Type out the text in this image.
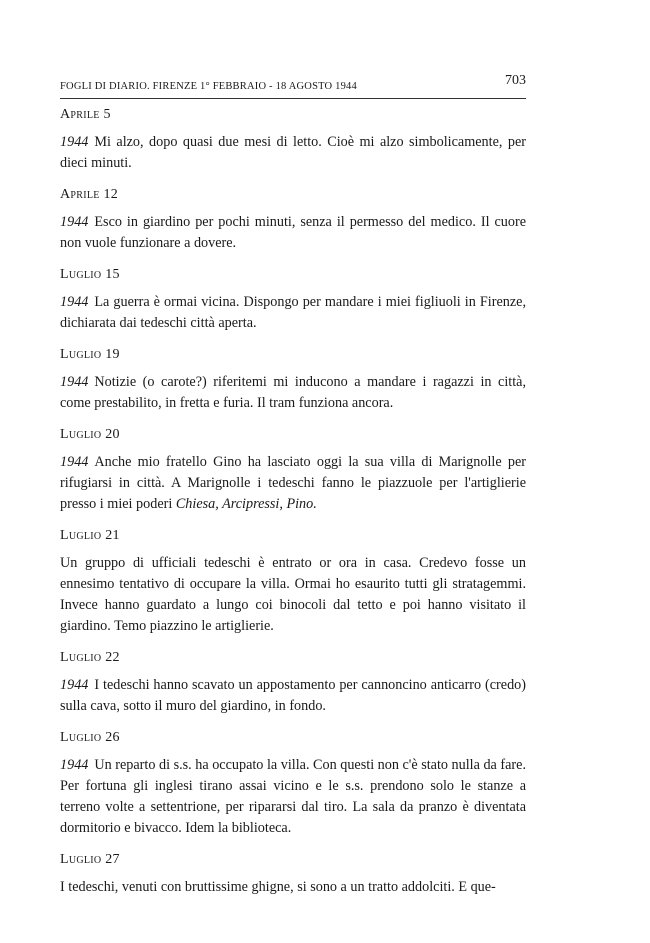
FOGLI DI DIARIO. FIRENZE 1° FEBBRAIO - 18 AGOSTO 1944	703
Aprile 5
1944 Mi alzo, dopo quasi due mesi di letto. Cioè mi alzo simbolicamente, per dieci minuti.
Aprile 12
1944 Esco in giardino per pochi minuti, senza il permesso del medico. Il cuore non vuole funzionare a dovere.
Luglio 15
1944 La guerra è ormai vicina. Dispongo per mandare i miei figliuoli in Firenze, dichiarata dai tedeschi città aperta.
Luglio 19
1944 Notizie (o carote?) riferitemi mi inducono a mandare i ragazzi in città, come prestabilito, in fretta e furia. Il tram funziona ancora.
Luglio 20
1944 Anche mio fratello Gino ha lasciato oggi la sua villa di Marignolle per rifugiarsi in città. A Marignolle i tedeschi fanno le piazzuole per l'artiglierie presso i miei poderi Chiesa, Arcipressi, Pino.
Luglio 21
Un gruppo di ufficiali tedeschi è entrato or ora in casa. Credevo fosse un ennesimo tentativo di occupare la villa. Ormai ho esaurito tutti gli stratagemmi. Invece hanno guardato a lungo coi binocoli dal tetto e poi hanno visitato il giardino. Temo piazzino le artiglierie.
Luglio 22
1944 I tedeschi hanno scavato un appostamento per cannoncino anticarro (credo) sulla cava, sotto il muro del giardino, in fondo.
Luglio 26
1944 Un reparto di s.s. ha occupato la villa. Con questi non c'è stato nulla da fare. Per fortuna gli inglesi tirano assai vicino e le s.s. prendono solo le stanze a terreno volte a settentrione, per ripararsi dal tiro. La sala da pranzo è diventata dormitorio e bivacco. Idem la biblioteca.
Luglio 27
I tedeschi, venuti con bruttissime ghigne, si sono a un tratto addolciti. E que-
